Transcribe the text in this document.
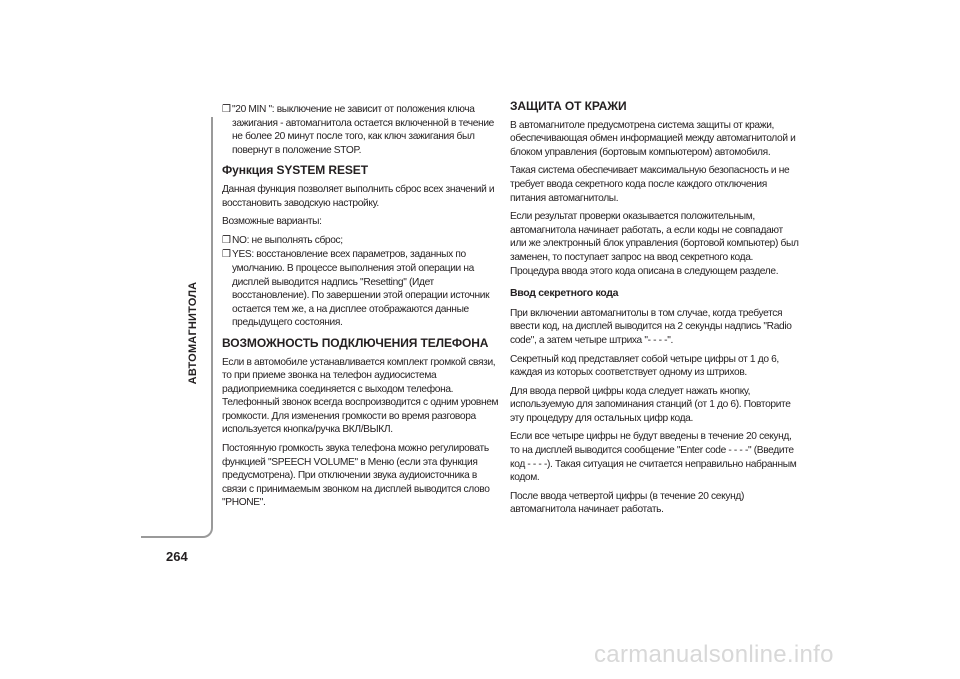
АВТОМАГНИТОЛА
264
❒ "20 MIN ": выключение не зависит от положения ключа зажигания - автомагнитола остается включенной в течение не более 20 минут после того, как ключ зажигания был повернут в положение STOP.
Функция SYSTEM RESET

Данная функция позволяет выполнить сброс всех значений и восстановить заводскую настройку.

Возможные варианты:

❒ NO: не выполнять сброс;
❒ YES: восстановление всех параметров, заданных по умолчанию. В процессе выполнения этой операции на дисплей выводится надпись "Resetting" (Идет восстановление). По завершении этой операции источник остается тем же, а на дисплее отображаются данные предыдущего состояния.
ВОЗМОЖНОСТЬ ПОДКЛЮЧЕНИЯ ТЕЛЕФОНА

Если в автомобиле устанавливается комплект громкой связи, то при приеме звонка на телефон аудиосистема радиоприемника соединяется с выходом телефона. Телефонный звонок всегда воспроизводится с одним уровнем громкости. Для изменения громкости во время разговора используется кнопка/ручка ВКЛ/ВЫКЛ.

Постоянную громкость звука телефона можно регулировать функцией "SPEECH VOLUME" в Меню (если эта функция предусмотрена). При отключении звука аудиоисточника в связи с принимаемым звонком на дисплей выводится слово "PHONE".

ЗАЩИТА ОТ КРАЖИ

В автомагнитоле предусмотрена система защиты от кражи, обеспечивающая обмен информацией между автомагнитолой и блоком управления (бортовым компьютером) автомобиля.

Такая система обеспечивает максимальную безопасность и не требует ввода секретного кода после каждого отключения питания автомагнитолы.

Если результат проверки оказывается положительным, автомагнитола начинает работать, а если коды не совпадают или же электронный блок управления (бортовой компьютер) был заменен, то поступает запрос на ввод секретного кода. Процедура ввода этого кода описана в следующем разделе.

Ввод секретного кода

При включении автомагнитолы в том случае, когда требуется ввести код, на дисплей выводится на 2 секунды надпись "Radio code", а затем четыре штриха "- - - -".

Секретный код представляет собой четыре цифры от 1 до 6, каждая из которых соответствует одному из штрихов.

Для ввода первой цифры кода следует нажать кнопку, используемую для запоминания станций (от 1 до 6). Повторите эту процедуру для остальных цифр кода.

Если все четыре цифры не будут введены в течение 20 секунд, то на дисплей выводится сообщение "Enter code - - - -" (Введите код - - - -). Такая ситуация не считается неправильно набранным кодом.

После ввода четвертой цифры (в течение 20 секунд) автомагнитола начинает работать.

carmanualsonline.info
